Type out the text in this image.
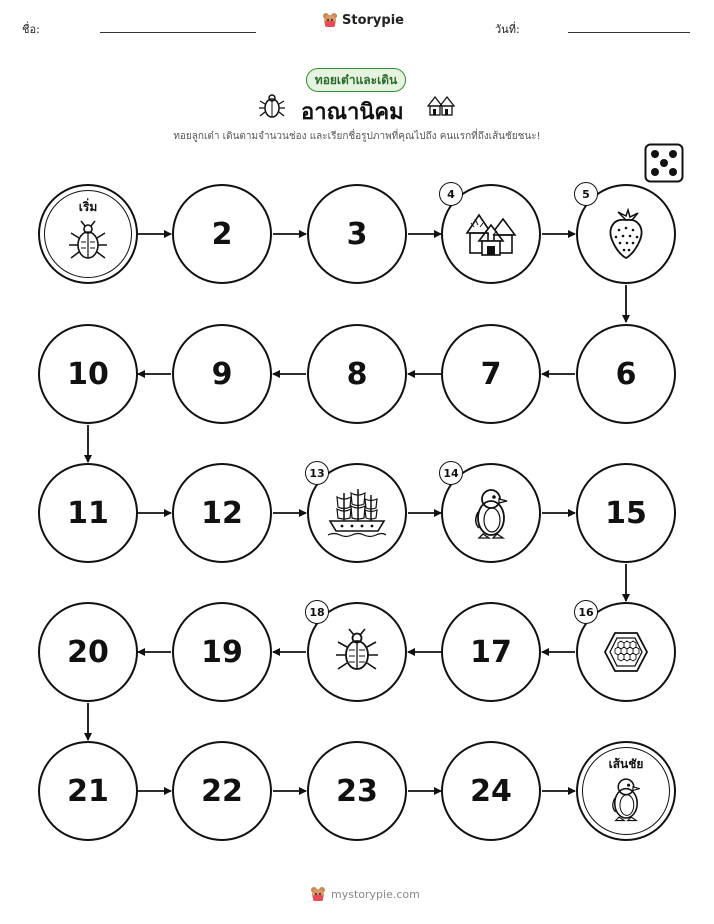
ชื่อ:
Storypie
วันที่:
ทอยเต๋าและเดิน
อาณานิคม
ทอยลูกเต๋า เดินตามจำนวนช่อง และเรียกชื่อรูปภาพที่คุณไปถึง คนแรกที่ถึงเส้นชัยชนะ!
เริ่ม
2	3
4	5
10	9	8	7	6
11	12
13	14
15
20	19
18
17
16
21	22	23	24
เส้นชัย
mystorypie.com
